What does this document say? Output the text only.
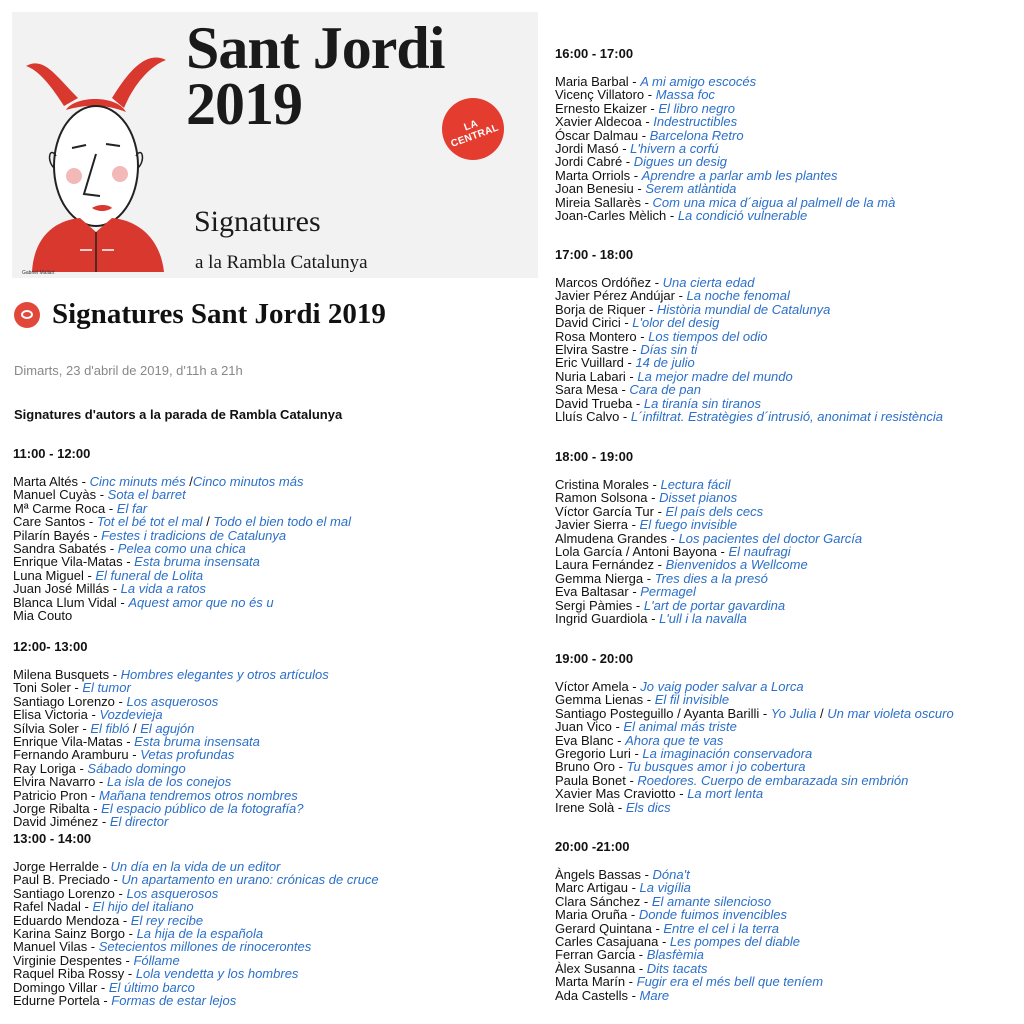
Gabriel Mallart
Sant Jordi
2019	LA CENTRAL
Signatures
a la Rambla Catalunya
Signatures Sant Jordi 2019
Dimarts, 23 d'abril de 2019, d'11h a 21h
Signatures d'autors a la parada de Rambla Catalunya
11:00 - 12:00
Marta Altés - Cinc minuts més /Cinco minutos más
Manuel Cuyàs - Sota el barret
Mª Carme Roca - El far
Care Santos - Tot el bé tot el mal / Todo el bien todo el mal
Pilarín Bayés - Festes i tradicions de Catalunya
Sandra Sabatés - Pelea como una chica
Enrique Vila-Matas - Esta bruma insensata
Luna Miguel - El funeral de Lolita
Juan José Millás - La vida a ratos
Blanca Llum Vidal - Aquest amor que no és u
Mia Couto
12:00- 13:00
Milena Busquets - Hombres elegantes y otros artículos
Toni Soler - El tumor
Santiago Lorenzo - Los asquerosos
Elisa Victoria - Vozdevieja
Sílvia Soler - El fibló / El agujón
Enrique Vila-Matas - Esta bruma insensata
Fernando Aramburu - Vetas profundas
Ray Loriga - Sábado domingo
Elvira Navarro - La isla de los conejos
Patricio Pron - Mañana tendremos otros nombres
Jorge Ribalta - El espacio público de la fotografía?
David Jiménez - El director
13:00 - 14:00
Jorge Herralde - Un día en la vida de un editor
Paul B. Preciado - Un apartamento en urano: crónicas de cruce
Santiago Lorenzo - Los asquerosos
Rafel Nadal - El hijo del italiano
Eduardo Mendoza - El rey recibe
Karina Sainz Borgo - La hija de la española
Manuel Vilas - Setecientos millones de rinocerontes
Virginie Despentes - Fóllame
Raquel Riba Rossy - Lola vendetta y los hombres
Domingo Villar - El último barco
Edurne Portela - Formas de estar lejos
16:00 - 17:00
Maria Barbal - A mi amigo escocés
Vicenç Villatoro - Massa foc
Ernesto Ekaizer - El libro negro
Xavier Aldecoa - Indestructibles
Óscar Dalmau - Barcelona Retro
Jordi Masó - L'hivern a corfú
Jordi Cabré - Digues un desig
Marta Orriols - Aprendre a parlar amb les plantes
Joan Benesiu - Serem atlàntida
Mireia Sallarès - Com una mica d´aigua al palmell de la mà
Joan-Carles Mèlich - La condició vulnerable
17:00 - 18:00
Marcos Ordóñez - Una cierta edad
Javier Pérez Andújar - La noche fenomal
Borja de Riquer - Història mundial de Catalunya
David Cirici - L'olor del desig
Rosa Montero - Los tiempos del odio
Elvira Sastre - Días sin ti
Eric Vuillard - 14 de julio
Nuria Labari - La mejor madre del mundo
Sara Mesa - Cara de pan
David Trueba - La tiranía sin tiranos
Lluís Calvo - L´infiltrat. Estratègies d´intrusió, anonimat i resistència
18:00 - 19:00
Cristina Morales - Lectura fácil
Ramon Solsona - Disset pianos
Víctor García Tur - El país dels cecs
Javier Sierra - El fuego invisible
Almudena Grandes - Los pacientes del doctor García
Lola García / Antoni Bayona - El naufragi
Laura Fernández - Bienvenidos a Wellcome
Gemma Nierga - Tres dies a la presó
Eva Baltasar - Permagel
Sergi Pàmies - L'art de portar gavardina
Ingrid Guardiola - L'ull i la navalla
19:00 - 20:00
Víctor Amela - Jo vaig poder salvar a Lorca
Gemma Lienas - El fil invisible
Santiago Posteguillo / Ayanta Barilli - Yo Julia / Un mar violeta oscuro
Juan Vico - El animal más triste
Eva Blanc - Ahora que te vas
Gregorio Luri - La imaginación conservadora
Bruno Oro - Tu busques amor i jo cobertura
Paula Bonet - Roedores. Cuerpo de embarazada sin embrión
Xavier Mas Craviotto - La mort lenta
Irene Solà - Els dics
20:00 -21:00
Àngels Bassas - Dóna't
Marc Artigau - La vigília
Clara Sánchez - El amante silencioso
Maria Oruña - Donde fuimos invencibles
Gerard Quintana - Entre el cel i la terra
Carles Casajuana - Les pompes del diable
Ferran Garcia - Blasfèmia
Àlex Susanna - Dits tacats
Marta Marín - Fugir era el més bell que teníem
Ada Castells - Mare
